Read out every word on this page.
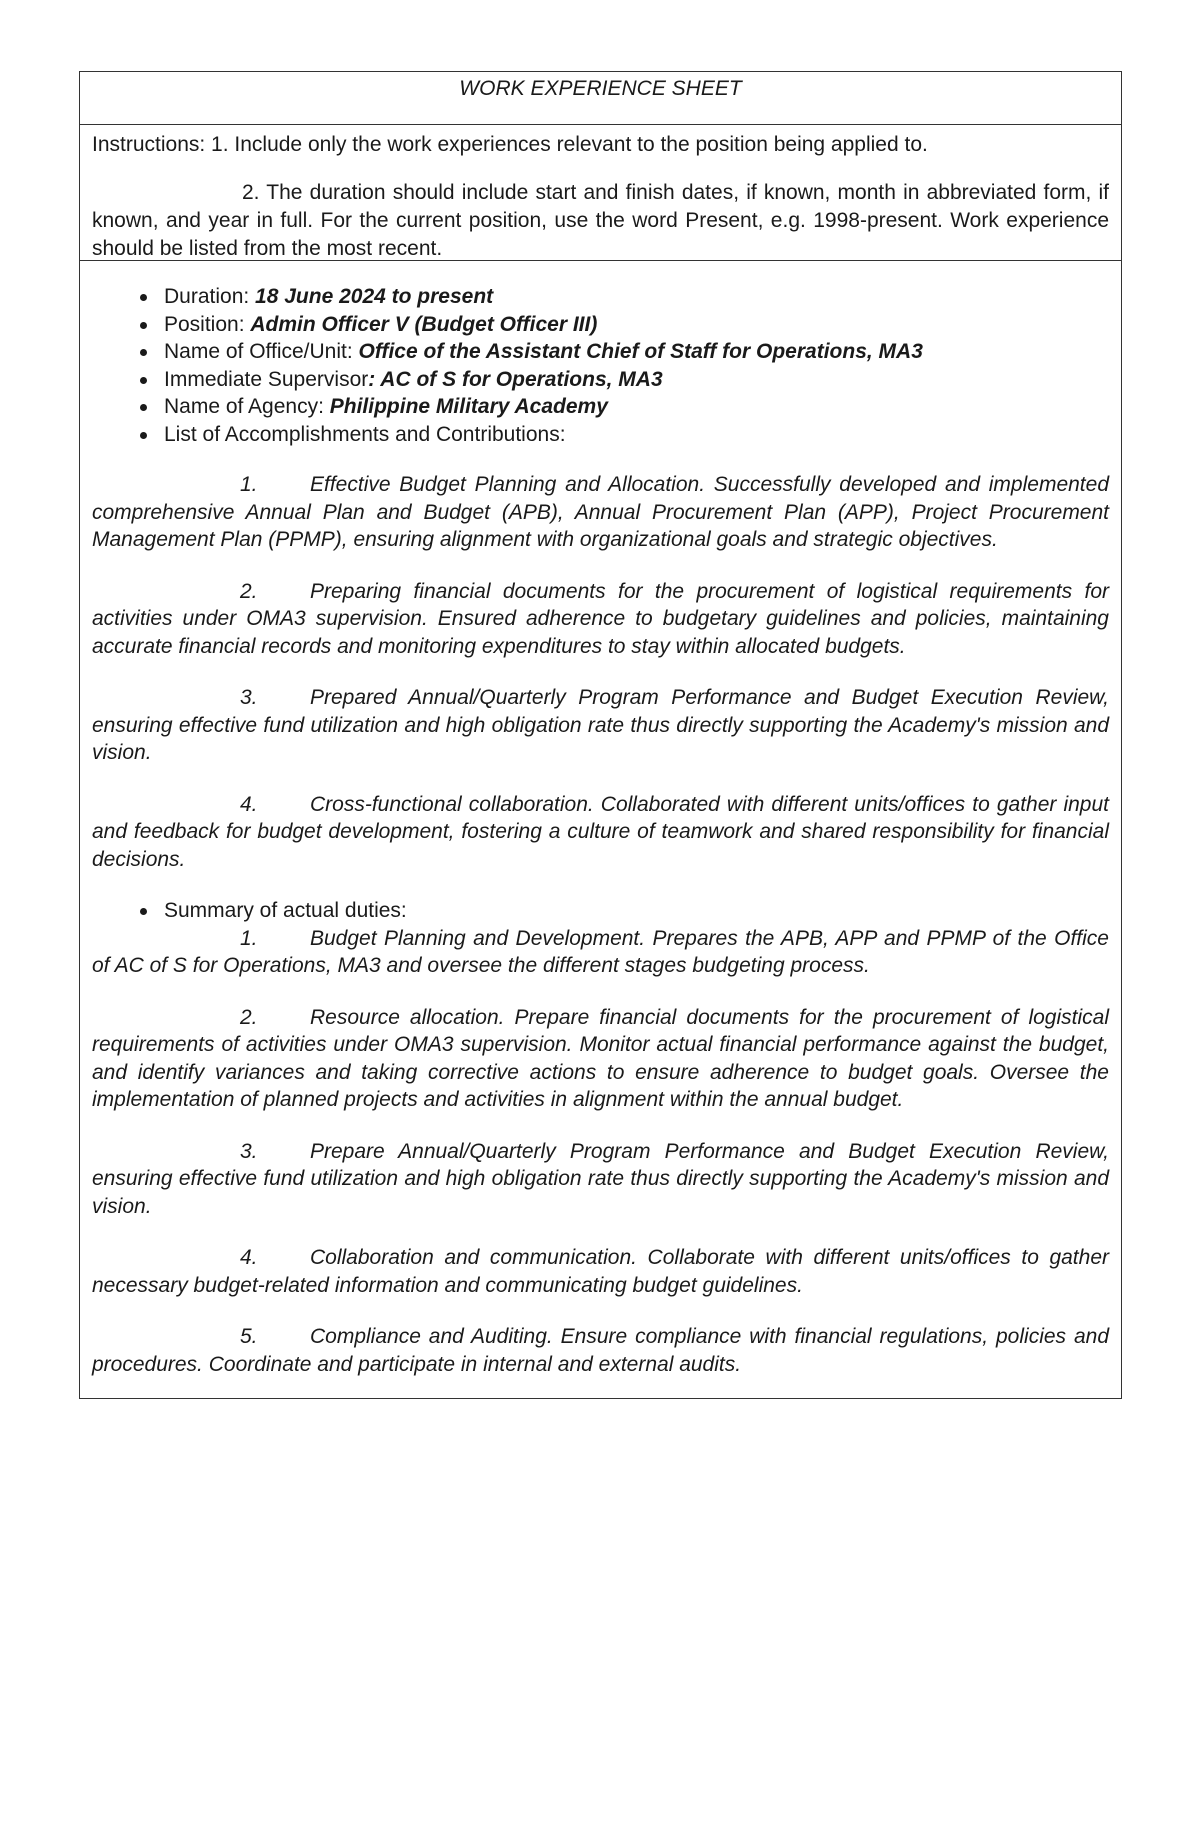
WORK EXPERIENCE SHEET

Instructions: 1. Include only the work experiences relevant to the position being applied to.

2. The duration should include start and finish dates, if known, month in abbreviated form, if known, and year in full. For the current position, use the word Present, e.g. 1998-present. Work experience should be listed from the most recent.

Duration: 18 June 2024 to present
Position: Admin Officer V (Budget Officer III)
Name of Office/Unit: Office of the Assistant Chief of Staff for Operations, MA3
Immediate Supervisor: AC of S for Operations, MA3
Name of Agency: Philippine Military Academy
List of Accomplishments and Contributions:

1. Effective Budget Planning and Allocation. Successfully developed and implemented comprehensive Annual Plan and Budget (APB), Annual Procurement Plan (APP), Project Procurement Management Plan (PPMP), ensuring alignment with organizational goals and strategic objectives.

2. Preparing financial documents for the procurement of logistical requirements for activities under OMA3 supervision. Ensured adherence to budgetary guidelines and policies, maintaining accurate financial records and monitoring expenditures to stay within allocated budgets.

3. Prepared Annual/Quarterly Program Performance and Budget Execution Review, ensuring effective fund utilization and high obligation rate thus directly supporting the Academy's mission and vision.

4. Cross-functional collaboration. Collaborated with different units/offices to gather input and feedback for budget development, fostering a culture of teamwork and shared responsibility for financial decisions.

Summary of actual duties:

1. Budget Planning and Development. Prepares the APB, APP and PPMP of the Office of AC of S for Operations, MA3 and oversee the different stages budgeting process.

2. Resource allocation. Prepare financial documents for the procurement of logistical requirements of activities under OMA3 supervision. Monitor actual financial performance against the budget, and identify variances and taking corrective actions to ensure adherence to budget goals. Oversee the implementation of planned projects and activities in alignment within the annual budget.

3. Prepare Annual/Quarterly Program Performance and Budget Execution Review, ensuring effective fund utilization and high obligation rate thus directly supporting the Academy's mission and vision.

4. Collaboration and communication. Collaborate with different units/offices to gather necessary budget-related information and communicating budget guidelines.

5. Compliance and Auditing. Ensure compliance with financial regulations, policies and procedures. Coordinate and participate in internal and external audits.
